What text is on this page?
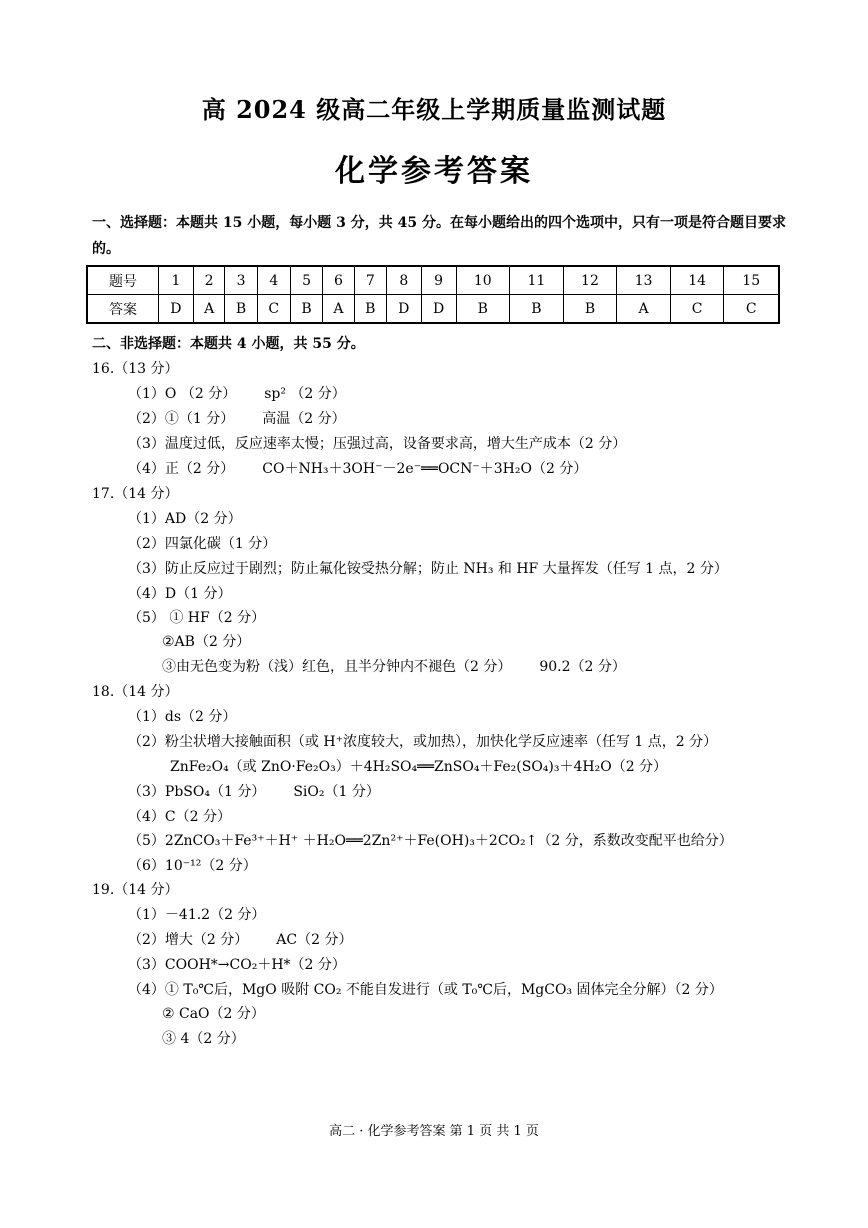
高 2024 级高二年级上学期质量监测试题
化学参考答案
一、选择题：本题共 15 小题，每小题 3 分，共 45 分。在每小题给出的四个选项中，只有一项是符合题目要求的。
题号	1	2	3	4	5	6	7	8	9	10	11	12	13	14	15
答案	D	A	B	C	B	A	B	D	D	B	B	B	A	C	C
二、非选择题：本题共 4 小题，共 55 分。
16.（13 分）
（1）O （2 分） sp² （2 分）
（2）①（1 分） 高温（2 分）
（3）温度过低，反应速率太慢；压强过高，设备要求高，增大生产成本（2 分）
（4）正（2 分） CO＋NH₃＋3OH⁻－2e⁻══OCN⁻＋3H₂O（2 分）
17.（14 分）
（1）AD（2 分）
（2）四氯化碳（1 分）
（3）防止反应过于剧烈；防止氟化铵受热分解；防止 NH₃ 和 HF 大量挥发（任写 1 点，2 分）
（4）D（1 分）
（5） ① HF（2 分）
②AB（2 分）
③由无色变为粉（浅）红色，且半分钟内不褪色（2 分） 90.2（2 分）
18.（14 分）
（1）ds（2 分）
（2）粉尘状增大接触面积（或 H⁺浓度较大，或加热），加快化学反应速率（任写 1 点，2 分）
ZnFe₂O₄（或 ZnO·Fe₂O₃）＋4H₂SO₄══ZnSO₄＋Fe₂(SO₄)₃＋4H₂O（2 分）
（3）PbSO₄（1 分） SiO₂（1 分）
（4）C（2 分）
（5）2ZnCO₃＋Fe³⁺＋H⁺ ＋H₂O══2Zn²⁺＋Fe(OH)₃＋2CO₂↑（2 分，系数改变配平也给分）
（6）10⁻¹²（2 分）
19.（14 分）
（1）－41.2（2 分）
（2）增大（2 分） AC（2 分）
（3）COOH*→CO₂＋H*（2 分）
（4）① T₀℃后，MgO 吸附 CO₂ 不能自发进行（或 T₀℃后，MgCO₃ 固体完全分解）（2 分）
② CaO（2 分）
③ 4（2 分）
高二 · 化学参考答案 第 1 页 共 1 页
